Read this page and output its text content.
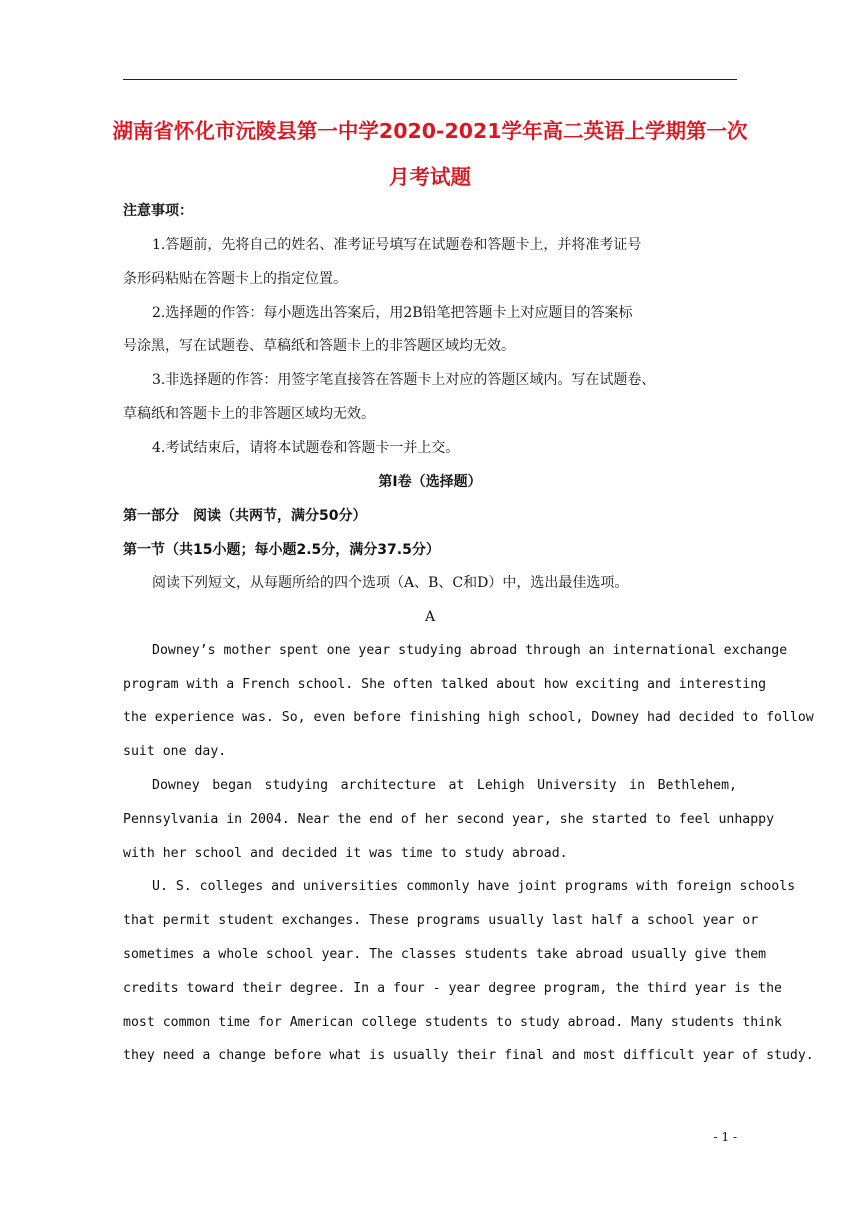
湖南省怀化市沅陵县第一中学2020-2021学年高二英语上学期第一次
月考试题
注意事项：
1.答题前，先将自己的姓名、准考证号填写在试题卷和答题卡上，并将准考证号
条形码粘贴在答题卡上的指定位置。
2.选择题的作答：每小题选出答案后，用2B铅笔把答题卡上对应题目的答案标
号涂黑，写在试题卷、草稿纸和答题卡上的非答题区域均无效。
3.非选择题的作答：用签字笔直接答在答题卡上对应的答题区域内。写在试题卷、
草稿纸和答题卡上的非答题区域均无效。
4.考试结束后，请将本试题卷和答题卡一并上交。
第Ⅰ卷（选择题）
第一部分　阅读（共两节，满分50分）
第一节（共15小题；每小题2.5分，满分37.5分）
阅读下列短文，从每题所给的四个选项（A、B、C和D）中，选出最佳选项。
A
Downey’s mother spent one year studying abroad through an international exchange
program with a French school. She often talked about how exciting and interesting
the experience was. So, even before finishing high school, Downey had decided to follow
suit one day.
Downey began studying architecture at Lehigh University in Bethlehem,
Pennsylvania in 2004. Near the end of her second year, she started to feel unhappy
with her school and decided it was time to study abroad.
U. S. colleges and universities commonly have joint programs with foreign schools
that permit student exchanges. These programs usually last half a school year or
sometimes a whole school year. The classes students take abroad usually give them
credits toward their degree. In a four - year degree program, the third year is the
most common time for American college students to study abroad. Many students think
they need a change before what is usually their final and most difficult year of study.
- 1 -
